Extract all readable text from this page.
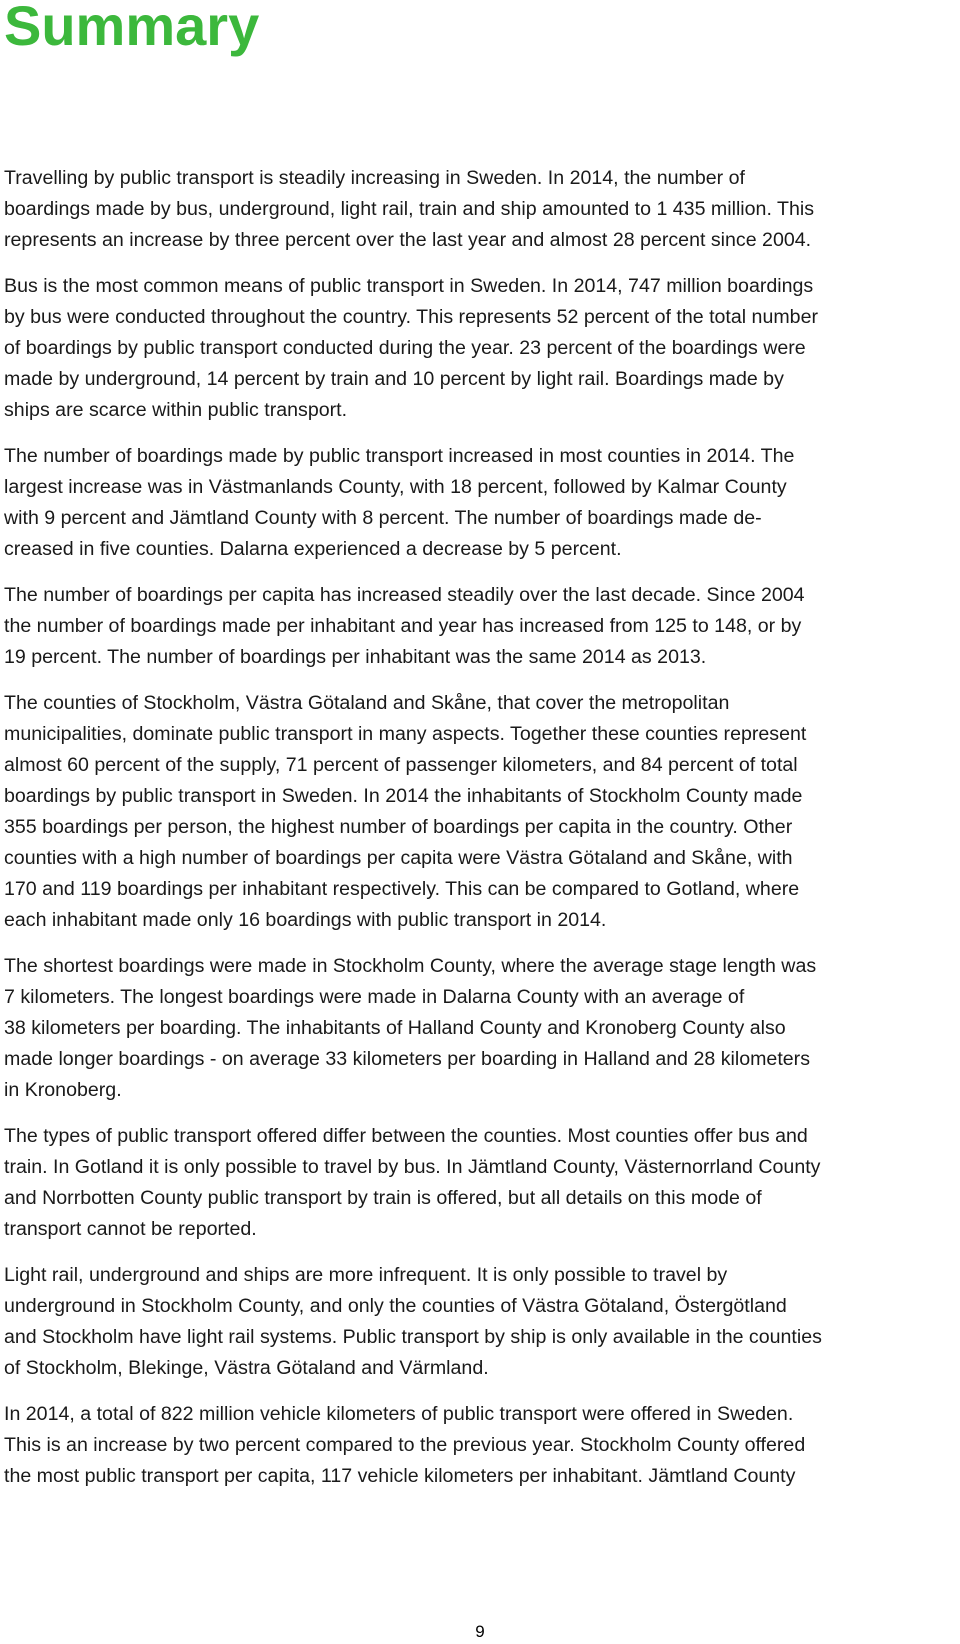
Summary

Travelling by public transport is steadily increasing in Sweden. In 2014, the number of
boardings made by bus, underground, light rail, train and ship amounted to 1 435 million. This
represents an increase by three percent over the last year and almost 28 percent since 2004.

Bus is the most common means of public transport in Sweden. In 2014, 747 million boardings
by bus were conducted throughout the country. This represents 52 percent of the total number
of boardings by public transport conducted during the year. 23 percent of the boardings were
made by underground, 14 percent by train and 10 percent by light rail. Boardings made by
ships are scarce within public transport.

The number of boardings made by public transport increased in most counties in 2014. The
largest increase was in Västmanlands County, with 18 percent, followed by Kalmar County
with 9 percent and Jämtland County with 8 percent. The number of boardings made de-
creased in five counties. Dalarna experienced a decrease by 5 percent.

The number of boardings per capita has increased steadily over the last decade. Since 2004
the number of boardings made per inhabitant and year has increased from 125 to 148, or by
19 percent. The number of boardings per inhabitant was the same 2014 as 2013.

The counties of Stockholm, Västra Götaland and Skåne, that cover the metropolitan
municipalities, dominate public transport in many aspects. Together these counties represent
almost 60 percent of the supply, 71 percent of passenger kilometers, and 84 percent of total
boardings by public transport in Sweden. In 2014 the inhabitants of Stockholm County made
355 boardings per person, the highest number of boardings per capita in the country. Other
counties with a high number of boardings per capita were Västra Götaland and Skåne, with
170 and 119 boardings per inhabitant respectively. This can be compared to Gotland, where
each inhabitant made only 16 boardings with public transport in 2014.

The shortest boardings were made in Stockholm County, where the average stage length was
7 kilometers. The longest boardings were made in Dalarna County with an average of
38 kilometers per boarding. The inhabitants of Halland County and Kronoberg County also
made longer boardings - on average 33 kilometers per boarding in Halland and 28 kilometers
in Kronoberg.

The types of public transport offered differ between the counties. Most counties offer bus and
train. In Gotland it is only possible to travel by bus. In Jämtland County, Västernorrland County
and Norrbotten County public transport by train is offered, but all details on this mode of
transport cannot be reported.

Light rail, underground and ships are more infrequent. It is only possible to travel by
underground in Stockholm County, and only the counties of Västra Götaland, Östergötland
and Stockholm have light rail systems. Public transport by ship is only available in the counties
of Stockholm, Blekinge, Västra Götaland and Värmland.

In 2014, a total of 822 million vehicle kilometers of public transport were offered in Sweden.
This is an increase by two percent compared to the previous year. Stockholm County offered
the most public transport per capita, 117 vehicle kilometers per inhabitant. Jämtland County

9
